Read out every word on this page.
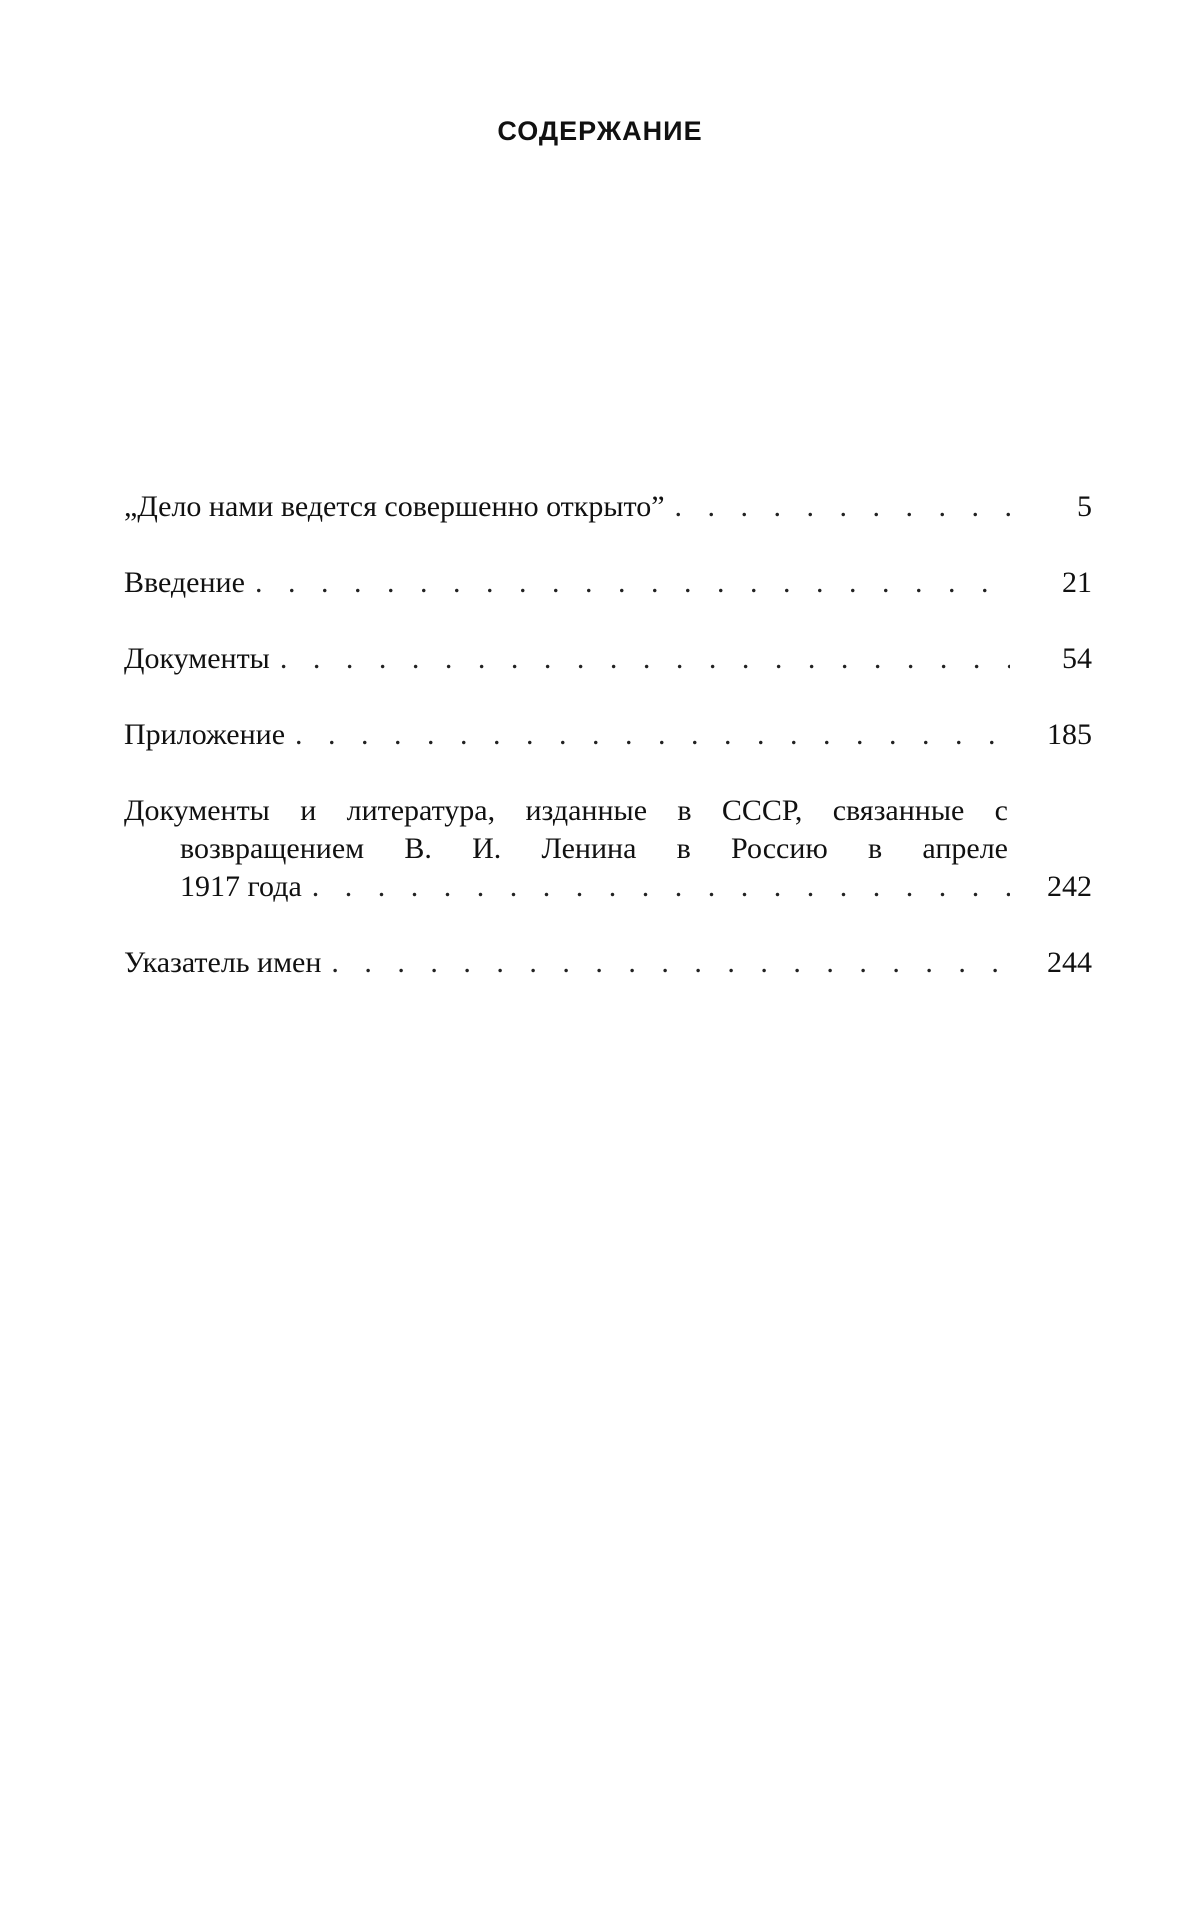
СОДЕРЖАНИЕ
„Дело нами ведется совершенно открыто” . . .	5
Введение . . .	21
Документы . . .	54
Приложение . . .	185
Документы и литература, изданные в СССР, связанные с
возвращением В. И. Ленина в Россию в апреле
1917 года . . .	242
Указатель имен . . .	244
